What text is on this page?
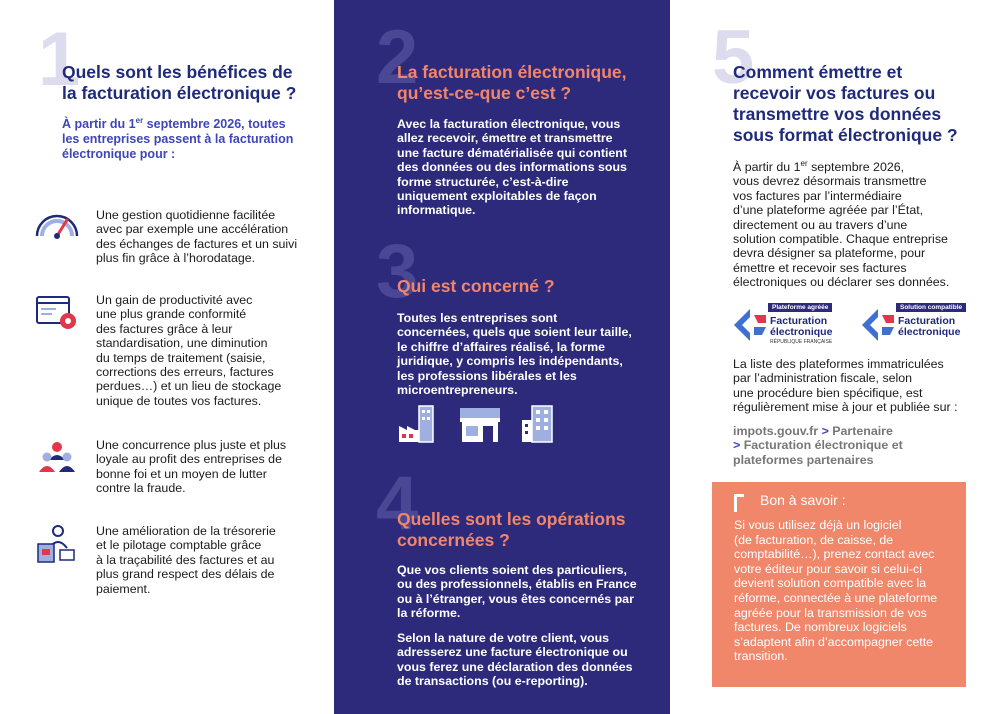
1
Quels sont les bénéfices de
la facturation électronique ?
À partir du 1er septembre 2026, toutes
les entreprises passent à la facturation
électronique pour :
Une gestion quotidienne facilitée
avec par exemple une accélération
des échanges de factures et un suivi
plus fin grâce à l’horodatage.
Un gain de productivité avec
une plus grande conformité
des factures grâce à leur
standardisation, une diminution
du temps de traitement (saisie,
corrections des erreurs, factures
perdues…) et un lieu de stockage
unique de toutes vos factures.
Une concurrence plus juste et plus
loyale au profit des entreprises de
bonne foi et un moyen de lutter
contre la fraude.
Une amélioration de la trésorerie
et le pilotage comptable grâce
à la traçabilité des factures et au
plus grand respect des délais de
paiement.
2
La facturation électronique,
qu’est-ce-que c’est ?
Avec la facturation électronique, vous
allez recevoir, émettre et transmettre
une facture dématérialisée qui contient
des données ou des informations sous
forme structurée, c’est-à-dire
uniquement exploitables de façon
informatique.
3
Qui est concerné ?
Toutes les entreprises sont
concernées, quels que soient leur taille,
le chiffre d’affaires réalisé, la forme
juridique, y compris les indépendants,
les professions libérales et les
microentrepreneurs.
4
Quelles sont les opérations
concernées ?
Que vos clients soient des particuliers,
ou des professionnels, établis en France
ou à l’étranger, vous êtes concernés par
la réforme.
Selon la nature de votre client, vous
adresserez une facture électronique ou
vous ferez une déclaration des données
de transactions (ou e-reporting).
5
Comment émettre et
recevoir vos factures ou
transmettre vos données
sous format électronique ?
À partir du 1er septembre 2026,
vous devrez désormais transmettre
vos factures par l’intermédiaire
d’une plateforme agréée par l’État,
directement ou au travers d’une
solution compatible. Chaque entreprise
devra désigner sa plateforme, pour
émettre et recevoir ses factures
électroniques ou déclarer ses données.
Plateforme agréée
Facturation
électronique
RÉPUBLIQUE FRANÇAISE
Solution compatible
Facturation
électronique
La liste des plateformes immatriculées
par l’administration fiscale, selon
une procédure bien spécifique, est
régulièrement mise à jour et publiée sur :
impots.gouv.fr > Partenaire
> Facturation électronique et
plateformes partenaires
Bon à savoir :
Si vous utilisez déjà un logiciel
(de facturation, de caisse, de
comptabilité…), prenez contact avec
votre éditeur pour savoir si celui-ci
devient solution compatible avec la
réforme, connectée à une plateforme
agréée pour la transmission de vos
factures. De nombreux logiciels
s’adaptent afin d’accompagner cette
transition.
